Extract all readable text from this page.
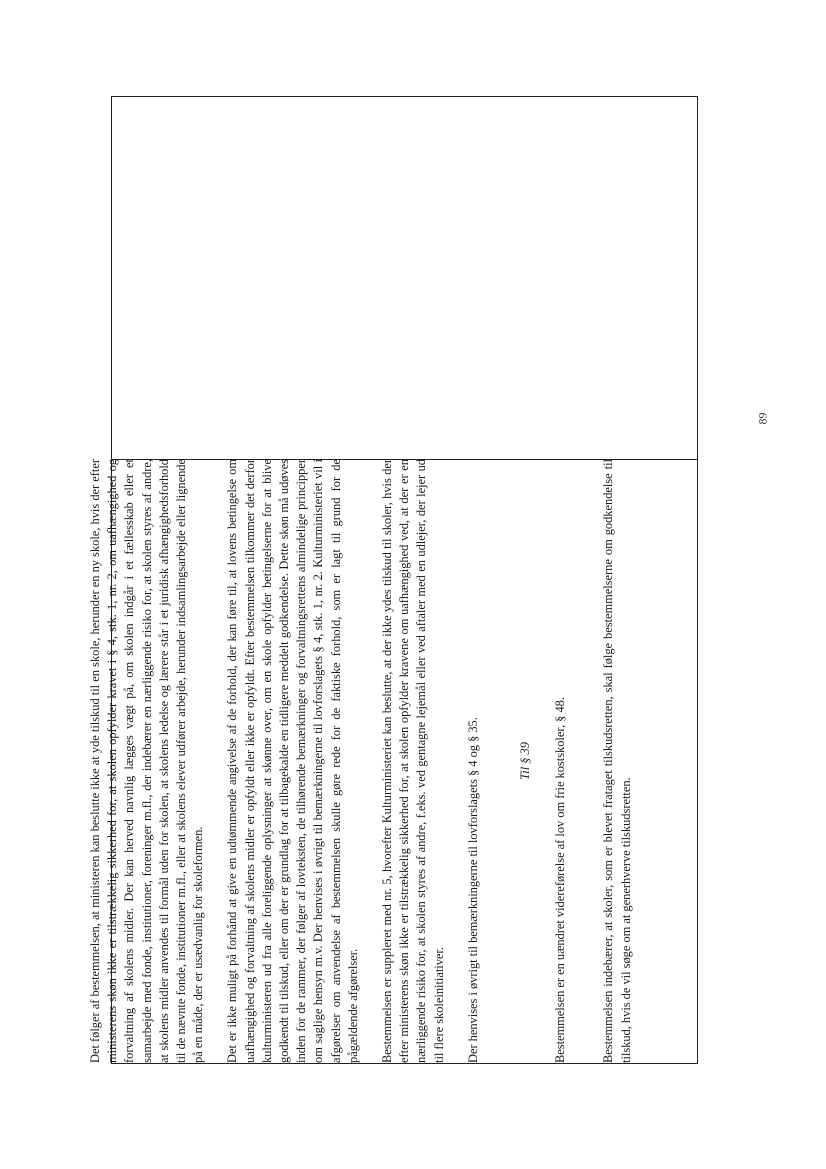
Det følger af bestemmelsen, at ministeren kan beslutte ikke at yde tilskud til en skole, herunder en ny skole, hvis der efter ministerens skøn ikke er tilstrækkelig sikkerhed for, at skolen opfylder kravet i § 4, stk. 1, nr. 2, om uafhængighed og forvaltning af skolens midler. Der kan herved navnlig lægges vægt på, om skolen indgår i et fællesskab eller et samarbejde med fonde, institutioner, foreninger m.fl., der indebærer en nærliggende risiko for, at skolen styres af andre, at skolens midler anvendes til formål uden for skolen, at skolens ledelse og lærere står i et juridisk afhængighedsforhold til de nævnte fonde, institutioner m.fl., eller at skolens elever udfører arbejde, herunder indsamlingsarbejde eller lignende på en måde, der er usædvanlig for skoleformen. Det er ikke muligt på forhånd at give en udtømmende angivelse af de forhold, der kan føre til, at lovens betingelse om uafhængighed og forvaltning af skolens midler er opfyldt eller ikke er opfyldt. Efter bestemmelsen tilkommer det derfor kulturministeren ud fra alle foreliggende oplysninger at skønne over, om en skole opfylder betingelserne for at blive godkendt til tilskud, eller om der er grundlag for at tilbagekalde en tidligere meddelt godkendelse. Dette skøn må udøves inden for de rammer, der følger af lovteksten, de tilhørende bemærkninger og forvaltningsrettens almindelige principper om saglige hensyn m.v. Der henvises i øvrigt til bemærkningerne til lovforslagets § 4, stk. 1, nr. 2. Kulturministeriet vil i afgørelser om anvendelse af bestemmelsen skulle gøre rede for de faktiske forhold, som er lagt til grund for de pågældende afgørelser. Bestemmelsen er suppleret med nr. 5, hvorefter Kulturministeriet kan beslutte, at der ikke ydes tilskud til skoler, hvis der efter ministerens skøn ikke er tilstrækkelig sikkerhed for, at skolen opfylder kravene om uafhængighed ved, at der er en nærliggende risiko for, at skolen styres af andre, f.eks. ved gentagne lejemål eller ved aftaler med en udlejer, der lejer ud til flere skoleinitiativer. Der henvises i øvrigt til bemærkningerne til lovforslagets § 4 og § 35.	Til § 39 Bestemmelsen er en uændret videreførelse af lov om frie kostskoler, § 48.	Bestemmelsen indebærer, at skoler, som er blevet frataget tilskudsretten, skal følge bestemmelserne om godkendelse til tilskud, hvis de vil søge om at generhverve tilskudsretten.

89
